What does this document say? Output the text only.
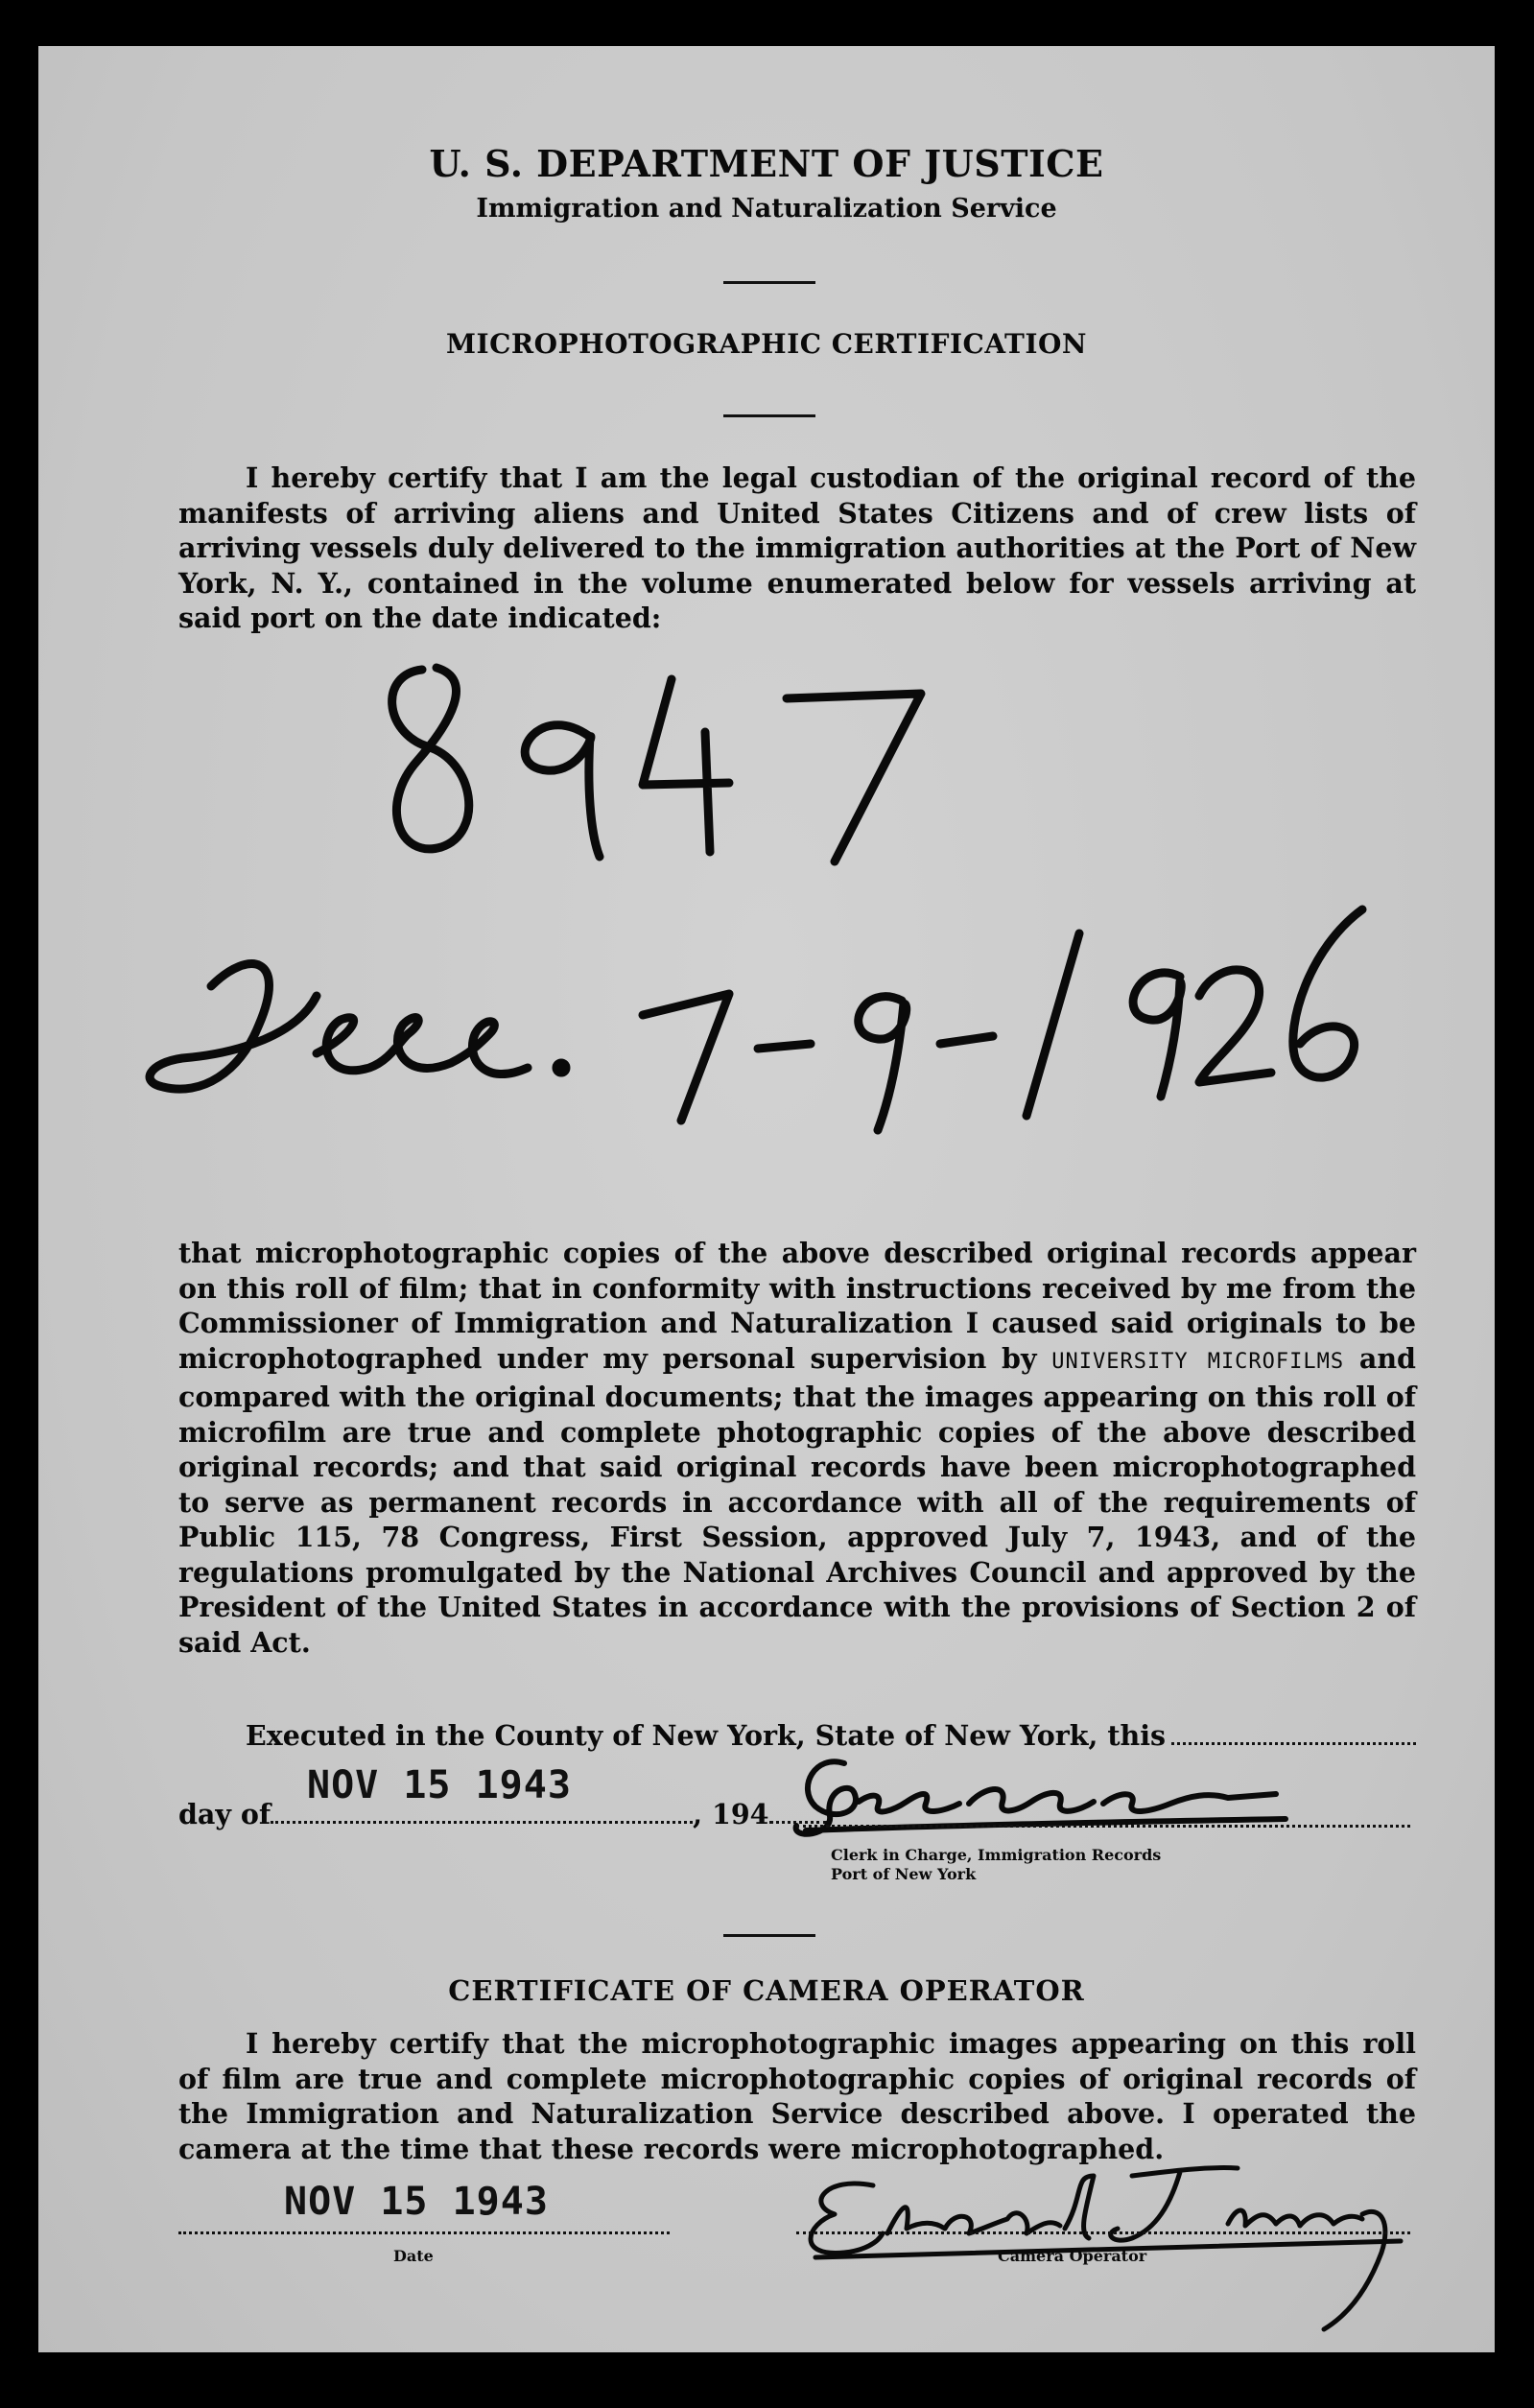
U. S. DEPARTMENT OF JUSTICE
Immigration and Naturalization Service
MICROPHOTOGRAPHIC CERTIFICATION

I hereby certify that I am the legal custodian of the original record of the manifests of arriving aliens and United States Citizens and of crew lists of arriving vessels duly delivered to the immigration authorities at the Port of New York, N. Y., contained in the volume enumerated below for vessels arriving at said port on the date indicated:

that microphotographic copies of the above described original records appear on this roll of film; that in conformity with instructions received by me from the Commissioner of Immigration and Naturalization I caused said originals to be microphotographed under my personal supervision by UNIVERSITY MICROFILMS and compared with the original documents; that the images appearing on this roll of microfilm are true and complete photographic copies of the above described original records; and that said original records have been microphotographed to serve as permanent records in accordance with all of the requirements of Public 115, 78 Congress, First Session, approved July 7, 1943, and of the regulations promulgated by the National Archives Council and approved by the President of the United States in accordance with the provisions of Section 2 of said Act.

Executed in the County of New York, State of New York, this
day of	, 194
NOV 15 1943
Clerk in Charge, Immigration Records
Port of New York
CERTIFICATE OF CAMERA OPERATOR

I hereby certify that the microphotographic images appearing on this roll of film are true and complete microphotographic copies of original records of the Immigration and Naturalization Service described above. I operated the camera at the time that these records were microphotographed.

NOV 15 1943
Date	Camera Operator
